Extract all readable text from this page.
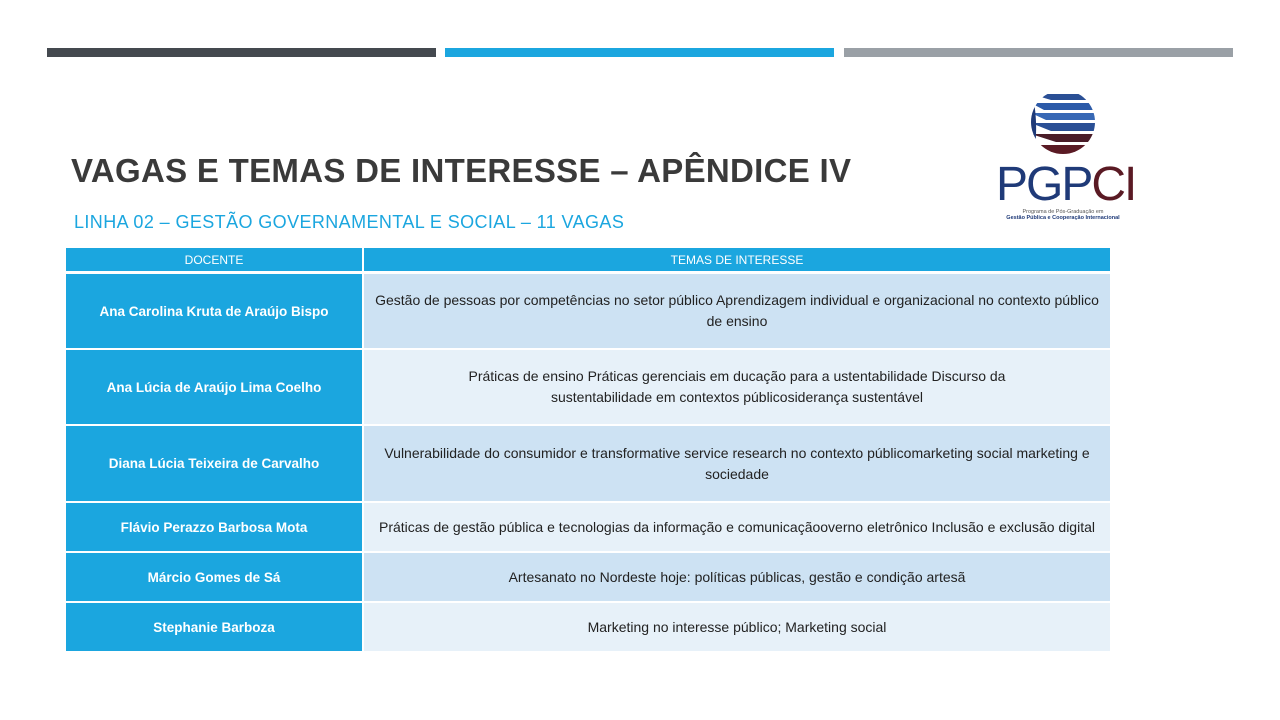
VAGAS E TEMAS DE INTERESSE – APÊNDICE IV
LINHA 02 – GESTÃO GOVERNAMENTAL E SOCIAL – 11 VAGAS
PGPCI
Programa de Pós-Graduação em
Gestão Pública e Cooperação Internacional
DOCENTE	TEMAS DE INTERESSE
Ana Carolina Kruta de Araújo Bispo	Gestão de pessoas por competências no setor público Aprendizagem individual e organizacional no contexto público de ensino
Ana Lúcia de Araújo Lima Coelho	Práticas de ensino Práticas gerenciais em ducação para a ustentabilidade Discurso da sustentabilidade em contextos públicosiderança sustentável
Diana Lúcia Teixeira de Carvalho	Vulnerabilidade do consumidor e transformative service research no contexto públicomarketing social marketing e sociedade
Flávio Perazzo Barbosa Mota	Práticas de gestão pública e tecnologias da informação e comunicaçãooverno eletrônico Inclusão e exclusão digital
Márcio Gomes de Sá	Artesanato no Nordeste hoje: políticas públicas, gestão e condição artesã
Stephanie Barboza	Marketing no interesse público; Marketing social
